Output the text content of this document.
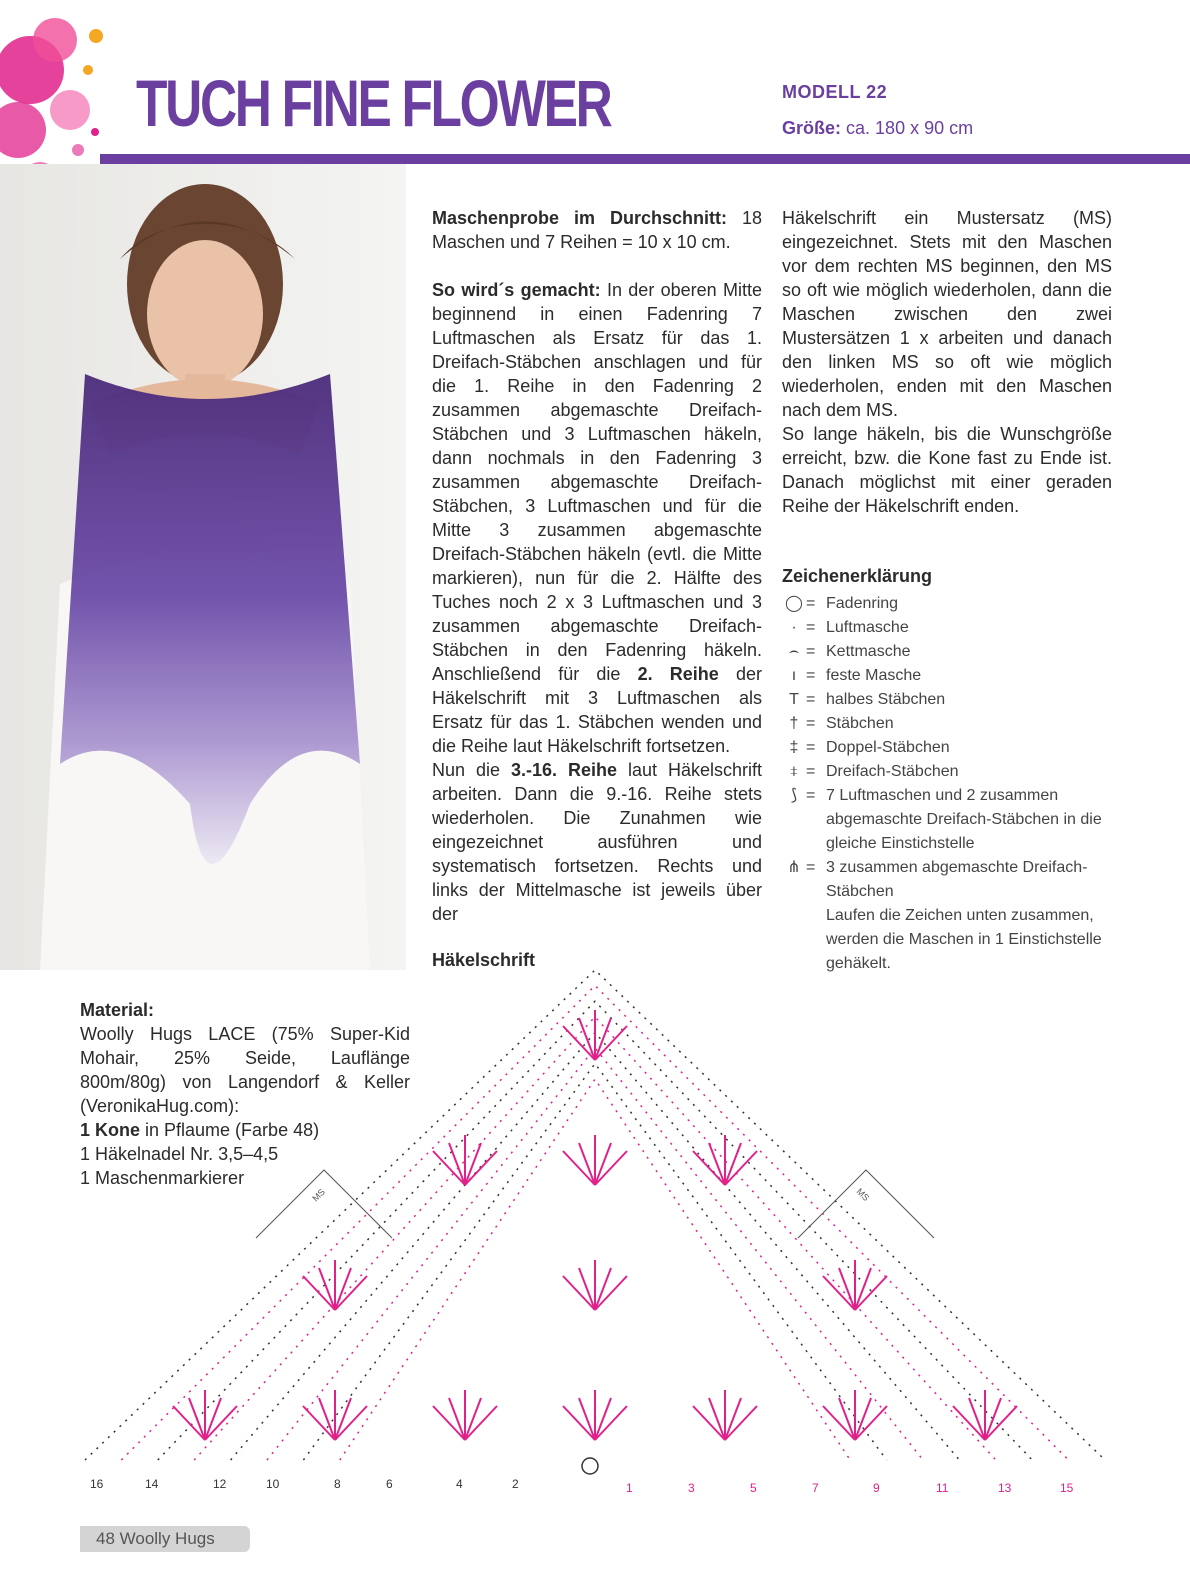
TUCH FINE FLOWER	MODELL 22
Größe: ca. 180 x 90 cm

Maschenprobe im Durchschnitt: 18 Maschen und 7 Reihen = 10 x 10 cm.

So wird´s gemacht: In der oberen Mitte beginnend in einen Fadenring 7 Luftmaschen als Ersatz für das 1. Dreifach-Stäbchen anschlagen und für die 1. Reihe in den Fadenring 2 zusammen abgemaschte Dreifach-Stäbchen und 3 Luftmaschen häkeln, dann nochmals in den Fadenring 3 zusammen abgemaschte Dreifach-Stäbchen, 3 Luftmaschen und für die Mitte 3 zusammen abgemaschte Dreifach-Stäbchen häkeln (evtl. die Mitte markieren), nun für die 2. Hälfte des Tuches noch 2 x 3 Luftmaschen und 3 zusammen abgemaschte Dreifach-Stäbchen in den Fadenring häkeln. Anschließend für die 2. Reihe der Häkelschrift mit 3 Luftmaschen als Ersatz für das 1. Stäbchen wenden und die Reihe laut Häkelschrift fortsetzen.

Nun die 3.-16. Reihe laut Häkelschrift arbeiten. Dann die 9.-16. Reihe stets wiederholen. Die Zunahmen wie eingezeichnet ausführen und systematisch fortsetzen. Rechts und links der Mittelmasche ist jeweils über der

Häkelschrift ein Mustersatz (MS) eingezeichnet. Stets mit den Maschen vor dem rechten MS beginnen, den MS so oft wie möglich wiederholen, dann die Maschen zwischen den zwei Mustersätzen 1 x arbeiten und danach den linken MS so oft wie möglich wiederholen, enden mit den Maschen nach dem MS.

So lange häkeln, bis die Wunschgröße erreicht, bzw. die Kone fast zu Ende ist. Danach möglichst mit einer geraden Reihe der Häkelschrift enden.

Zeichenerklärung
◯ = Fadenring
· = Luftmasche
⌢ = Kettmasche
ı = feste Masche
T = halbes Stäbchen
† = Stäbchen
‡ = Doppel-Stäbchen
⧧ = Dreifach-Stäbchen
⟆ = 7 Luftmaschen und 2 zusammen abgemaschte Dreifach-Stäbchen in die gleiche Einstichstelle
⋔ = 3 zusammen abgemaschte Dreifach-Stäbchen
Laufen die Zeichen unten zusammen, werden die Maschen in 1 Einstichstelle gehäkelt.
Häkelschrift

Material:

Woolly Hugs LACE (75% Super-Kid Mohair, 25% Seide, Lauflänge 800m/80g) von Langendorf & Keller (VeronikaHug.com):

1 Kone in Pflaume (Farbe 48)

1 Häkelnadel Nr. 3,5–4,5

1 Maschenmarkierer

MS	MS
16	14	12	10	8	6	4	2	1	3	5	7	9	11	13	15
48 Woolly Hugs
